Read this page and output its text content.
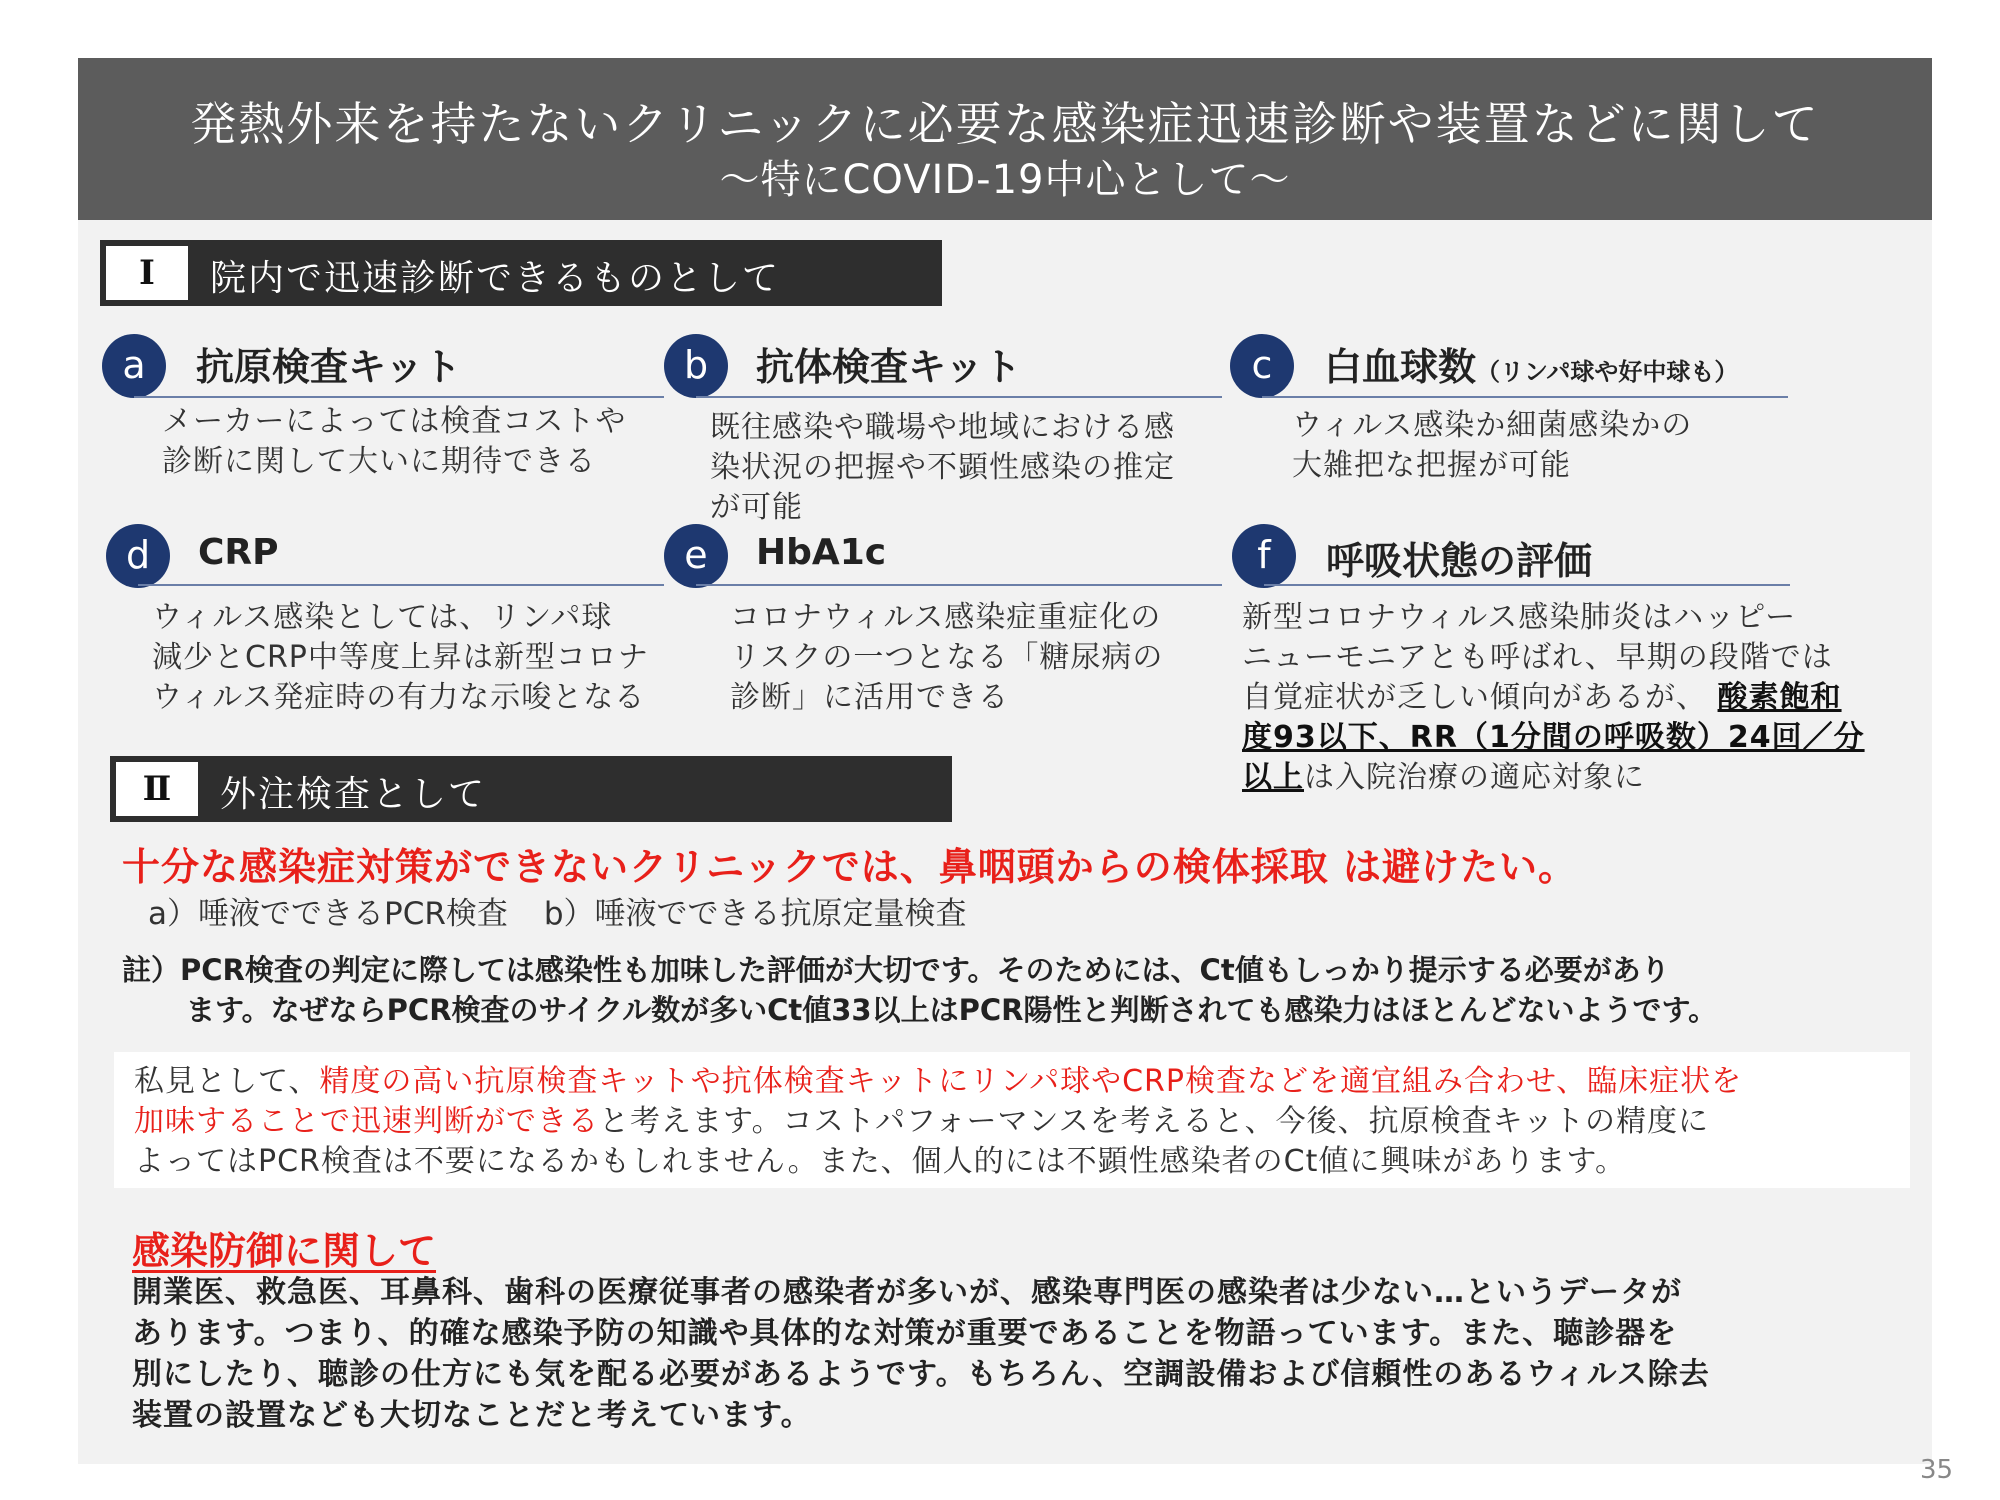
発熱外来を持たないクリニックに必要な感染症迅速診断や装置などに関して
～特にCOVID-19中心として～
Ⅰ	院内で迅速診断できるものとして
a	抗原検査キット
メーカーによっては検査コストや
診断に関して大いに期待できる
b	抗体検査キット
既往感染や職場や地域における感
染状況の把握や不顕性感染の推定
が可能
c	白血球数（リンパ球や好中球も）
ウィルス感染か細菌感染かの
大雑把な把握が可能
d	CRP
ウィルス感染としては、リンパ球
減少とCRP中等度上昇は新型コロナ
ウィルス発症時の有力な示唆となる
e	HbA1c
コロナウィルス感染症重症化の
リスクの一つとなる「糖尿病の
診断」に活用できる
f	呼吸状態の評価
新型コロナウィルス感染肺炎はハッピー
ニューモニアとも呼ばれ、早期の段階では
自覚症状が乏しい傾向があるが、 酸素飽和
度93以下、RR（1分間の呼吸数）24回／分
以上は入院治療の適応対象に
Ⅱ	外注検査として
十分な感染症対策ができないクリニックでは、鼻咽頭からの検体採取 は避けたい。
a）唾液でできるPCR検査 b）唾液でできる抗原定量検査
註）PCR検査の判定に際しては感染性も加味した評価が大切です。そのためには、Ct値もしっかり提示する必要があり
ます。なぜならPCR検査のサイクル数が多いCt値33以上はPCR陽性と判断されても感染力はほとんどないようです。
私見として、精度の高い抗原検査キットや抗体検査キットにリンパ球やCRP検査などを適宜組み合わせ、臨床症状を
加味することで迅速判断ができると考えます。コストパフォーマンスを考えると、今後、抗原検査キットの精度に
よってはPCR検査は不要になるかもしれません。また、個人的には不顕性感染者のCt値に興味があります。
感染防御に関して
開業医、救急医、耳鼻科、歯科の医療従事者の感染者が多いが、感染専門医の感染者は少ない…というデータが
あります。つまり、的確な感染予防の知識や具体的な対策が重要であることを物語っています。また、聴診器を
別にしたり、聴診の仕方にも気を配る必要があるようです。もちろん、空調設備および信頼性のあるウィルス除去
装置の設置なども大切なことだと考えています。
35
